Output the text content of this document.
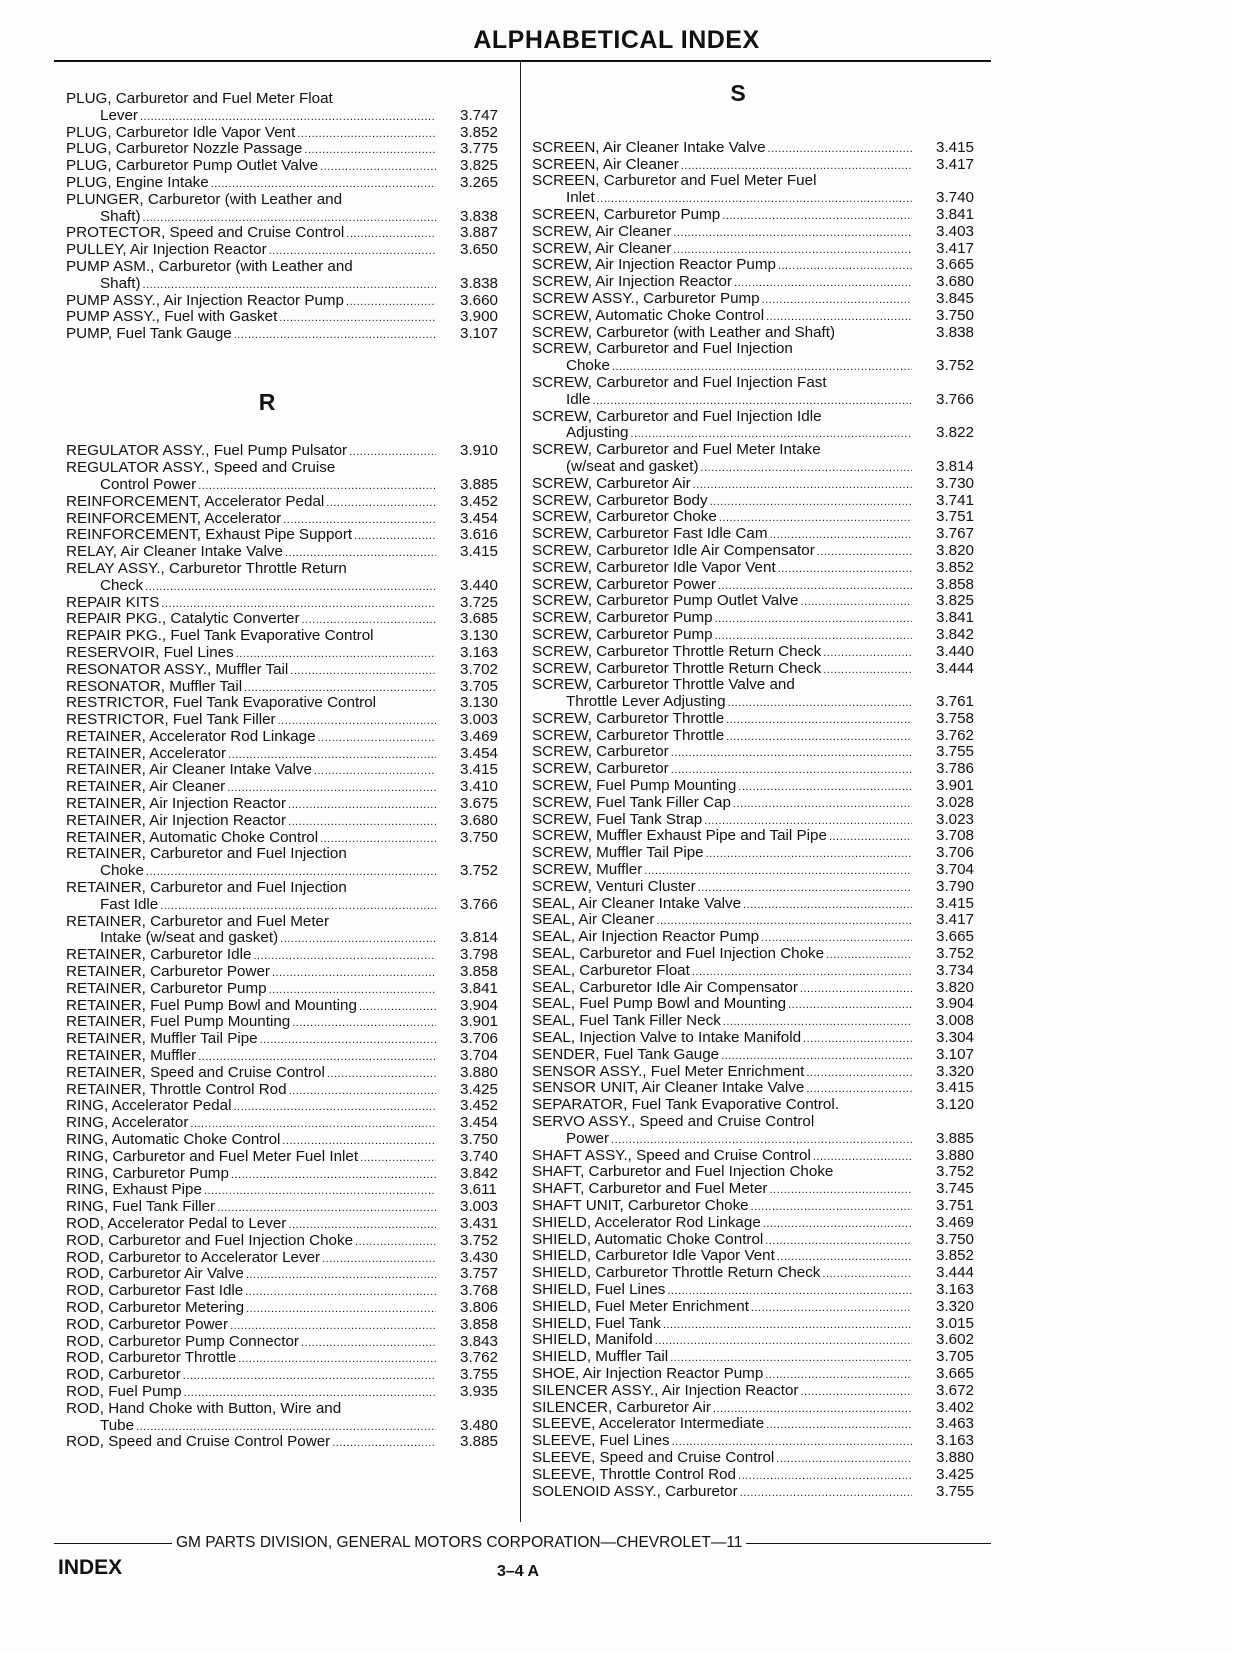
ALPHABETICAL INDEX
PLUG, Carburetor and Fuel Meter Float
Lever .....	3.747
PLUG, Carburetor Idle Vapor Vent .....	3.852
PLUG, Carburetor Nozzle Passage .....	3.775
PLUG, Carburetor Pump Outlet Valve .....	3.825
PLUG, Engine Intake .....	3.265
PLUNGER, Carburetor (with Leather and
Shaft) .....	3.838
PROTECTOR, Speed and Cruise Control .....	3.887
PULLEY, Air Injection Reactor .....	3.650
PUMP ASM., Carburetor (with Leather and
Shaft) .....	3.838
PUMP ASSY., Air Injection Reactor Pump .....	3.660
PUMP ASSY., Fuel with Gasket .....	3.900
PUMP, Fuel Tank Gauge .....	3.107
R
REGULATOR ASSY., Fuel Pump Pulsator .....	3.910
REGULATOR ASSY., Speed and Cruise
Control Power .....	3.885
REINFORCEMENT, Accelerator Pedal .....	3.452
REINFORCEMENT, Accelerator .....	3.454
REINFORCEMENT, Exhaust Pipe Support .....	3.616
RELAY, Air Cleaner Intake Valve .....	3.415
RELAY ASSY., Carburetor Throttle Return
Check .....	3.440
REPAIR KITS .....	3.725
REPAIR PKG., Catalytic Converter .....	3.685
REPAIR PKG., Fuel Tank Evaporative Control	3.130
RESERVOIR, Fuel Lines .....	3.163
RESONATOR ASSY., Muffler Tail .....	3.702
RESONATOR, Muffler Tail .....	3.705
RESTRICTOR, Fuel Tank Evaporative Control	3.130
RESTRICTOR, Fuel Tank Filler .....	3.003
RETAINER, Accelerator Rod Linkage .....	3.469
RETAINER, Accelerator .....	3.454
RETAINER, Air Cleaner Intake Valve .....	3.415
RETAINER, Air Cleaner .....	3.410
RETAINER, Air Injection Reactor .....	3.675
RETAINER, Air Injection Reactor .....	3.680
RETAINER, Automatic Choke Control .....	3.750
RETAINER, Carburetor and Fuel Injection
Choke .....	3.752
RETAINER, Carburetor and Fuel Injection
Fast Idle .....	3.766
RETAINER, Carburetor and Fuel Meter
Intake (w/seat and gasket) .....	3.814
RETAINER, Carburetor Idle .....	3.798
RETAINER, Carburetor Power .....	3.858
RETAINER, Carburetor Pump .....	3.841
RETAINER, Fuel Pump Bowl and Mounting .....	3.904
RETAINER, Fuel Pump Mounting .....	3.901
RETAINER, Muffler Tail Pipe .....	3.706
RETAINER, Muffler .....	3.704
RETAINER, Speed and Cruise Control .....	3.880
RETAINER, Throttle Control Rod .....	3.425
RING, Accelerator Pedal .....	3.452
RING, Accelerator .....	3.454
RING, Automatic Choke Control .....	3.750
RING, Carburetor and Fuel Meter Fuel Inlet .....	3.740
RING, Carburetor Pump .....	3.842
RING, Exhaust Pipe .....	3.611
RING, Fuel Tank Filler .....	3.003
ROD, Accelerator Pedal to Lever .....	3.431
ROD, Carburetor and Fuel Injection Choke .....	3.752
ROD, Carburetor to Accelerator Lever .....	3.430
ROD, Carburetor Air Valve .....	3.757
ROD, Carburetor Fast Idle .....	3.768
ROD, Carburetor Metering .....	3.806
ROD, Carburetor Power .....	3.858
ROD, Carburetor Pump Connector .....	3.843
ROD, Carburetor Throttle .....	3.762
ROD, Carburetor .....	3.755
ROD, Fuel Pump .....	3.935
ROD, Hand Choke with Button, Wire and
Tube .....	3.480
ROD, Speed and Cruise Control Power .....	3.885
S
SCREEN, Air Cleaner Intake Valve .....	3.415
SCREEN, Air Cleaner .....	3.417
SCREEN, Carburetor and Fuel Meter Fuel
Inlet .....	3.740
SCREEN, Carburetor Pump .....	3.841
SCREW, Air Cleaner .....	3.403
SCREW, Air Cleaner .....	3.417
SCREW, Air Injection Reactor Pump .....	3.665
SCREW, Air Injection Reactor .....	3.680
SCREW ASSY., Carburetor Pump .....	3.845
SCREW, Automatic Choke Control .....	3.750
SCREW, Carburetor (with Leather and Shaft)	3.838
SCREW, Carburetor and Fuel Injection
Choke .....	3.752
SCREW, Carburetor and Fuel Injection Fast
Idle .....	3.766
SCREW, Carburetor and Fuel Injection Idle
Adjusting .....	3.822
SCREW, Carburetor and Fuel Meter Intake
(w/seat and gasket) .....	3.814
SCREW, Carburetor Air .....	3.730
SCREW, Carburetor Body .....	3.741
SCREW, Carburetor Choke .....	3.751
SCREW, Carburetor Fast Idle Cam .....	3.767
SCREW, Carburetor Idle Air Compensator .....	3.820
SCREW, Carburetor Idle Vapor Vent .....	3.852
SCREW, Carburetor Power .....	3.858
SCREW, Carburetor Pump Outlet Valve .....	3.825
SCREW, Carburetor Pump .....	3.841
SCREW, Carburetor Pump .....	3.842
SCREW, Carburetor Throttle Return Check .....	3.440
SCREW, Carburetor Throttle Return Check .....	3.444
SCREW, Carburetor Throttle Valve and
Throttle Lever Adjusting .....	3.761
SCREW, Carburetor Throttle .....	3.758
SCREW, Carburetor Throttle .....	3.762
SCREW, Carburetor .....	3.755
SCREW, Carburetor .....	3.786
SCREW, Fuel Pump Mounting .....	3.901
SCREW, Fuel Tank Filler Cap .....	3.028
SCREW, Fuel Tank Strap .....	3.023
SCREW, Muffler Exhaust Pipe and Tail Pipe .....	3.708
SCREW, Muffler Tail Pipe .....	3.706
SCREW, Muffler .....	3.704
SCREW, Venturi Cluster .....	3.790
SEAL, Air Cleaner Intake Valve .....	3.415
SEAL, Air Cleaner .....	3.417
SEAL, Air Injection Reactor Pump .....	3.665
SEAL, Carburetor and Fuel Injection Choke .....	3.752
SEAL, Carburetor Float .....	3.734
SEAL, Carburetor Idle Air Compensator .....	3.820
SEAL, Fuel Pump Bowl and Mounting .....	3.904
SEAL, Fuel Tank Filler Neck .....	3.008
SEAL, Injection Valve to Intake Manifold .....	3.304
SENDER, Fuel Tank Gauge .....	3.107
SENSOR ASSY., Fuel Meter Enrichment .....	3.320
SENSOR UNIT, Air Cleaner Intake Valve .....	3.415
SEPARATOR, Fuel Tank Evaporative Control.	3.120
SERVO ASSY., Speed and Cruise Control
Power .....	3.885
SHAFT ASSY., Speed and Cruise Control .....	3.880
SHAFT, Carburetor and Fuel Injection Choke	3.752
SHAFT, Carburetor and Fuel Meter .....	3.745
SHAFT UNIT, Carburetor Choke .....	3.751
SHIELD, Accelerator Rod Linkage .....	3.469
SHIELD, Automatic Choke Control .....	3.750
SHIELD, Carburetor Idle Vapor Vent .....	3.852
SHIELD, Carburetor Throttle Return Check .....	3.444
SHIELD, Fuel Lines .....	3.163
SHIELD, Fuel Meter Enrichment .....	3.320
SHIELD, Fuel Tank .....	3.015
SHIELD, Manifold .....	3.602
SHIELD, Muffler Tail .....	3.705
SHOE, Air Injection Reactor Pump .....	3.665
SILENCER ASSY., Air Injection Reactor .....	3.672
SILENCER, Carburetor Air .....	3.402
SLEEVE, Accelerator Intermediate .....	3.463
SLEEVE, Fuel Lines .....	3.163
SLEEVE, Speed and Cruise Control .....	3.880
SLEEVE, Throttle Control Rod .....	3.425
SOLENOID ASSY., Carburetor .....	3.755
GM PARTS DIVISION, GENERAL MOTORS CORPORATION—CHEVROLET—11
INDEX	3–4 A
